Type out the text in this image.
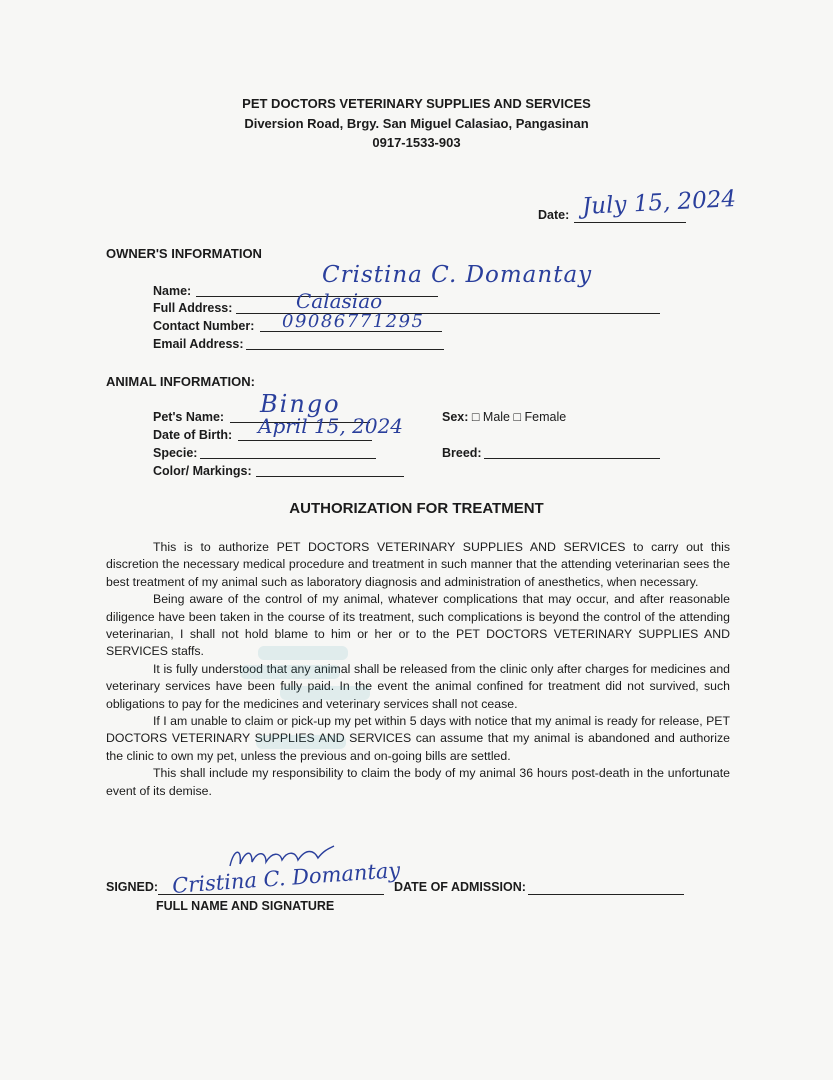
PET DOCTORS VETERINARY SUPPLIES AND SERVICES
Diversion Road, Brgy. San Miguel Calasiao, Pangasinan
0917-1533-903
Date: July 15, 2024
OWNER'S INFORMATION
Name:
Cristina C. Domantay
Full Address:	Calasiao
Contact Number: 09086771295
Email Address:
ANIMAL INFORMATION:
Pet's Name: Bingo
Date of Birth: April 15, 2024
Specie:
Color/ Markings:
Sex: □ Male □ Female
Breed:
AUTHORIZATION FOR TREATMENT

This is to authorize PET DOCTORS VETERINARY SUPPLIES AND SERVICES to carry out this discretion the necessary medical procedure and treatment in such manner that the attending veterinarian sees the best treatment of my animal such as laboratory diagnosis and administration of anesthetics, when necessary.

Being aware of the control of my animal, whatever complications that may occur, and after reasonable diligence have been taken in the course of its treatment, such complications is beyond the control of the attending veterinarian, I shall not hold blame to him or her or to the PET DOCTORS VETERINARY SUPPLIES AND SERVICES staffs.

It is fully understood that any animal shall be released from the clinic only after charges for medicines and veterinary services have been fully paid. In the event the animal confined for treatment did not survived, such obligations to pay for the medicines and veterinary services shall not cease.

If I am unable to claim or pick-up my pet within 5 days with notice that my animal is ready for release, PET DOCTORS VETERINARY SUPPLIES AND SERVICES can assume that my animal is abandoned and authorize the clinic to own my pet, unless the previous and on-going bills are settled.

This shall include my responsibility to claim the body of my animal 36 hours post-death in the unfortunate event of its demise.

SIGNED: Cristina C. Domantay
FULL NAME AND SIGNATURE
DATE OF ADMISSION:
